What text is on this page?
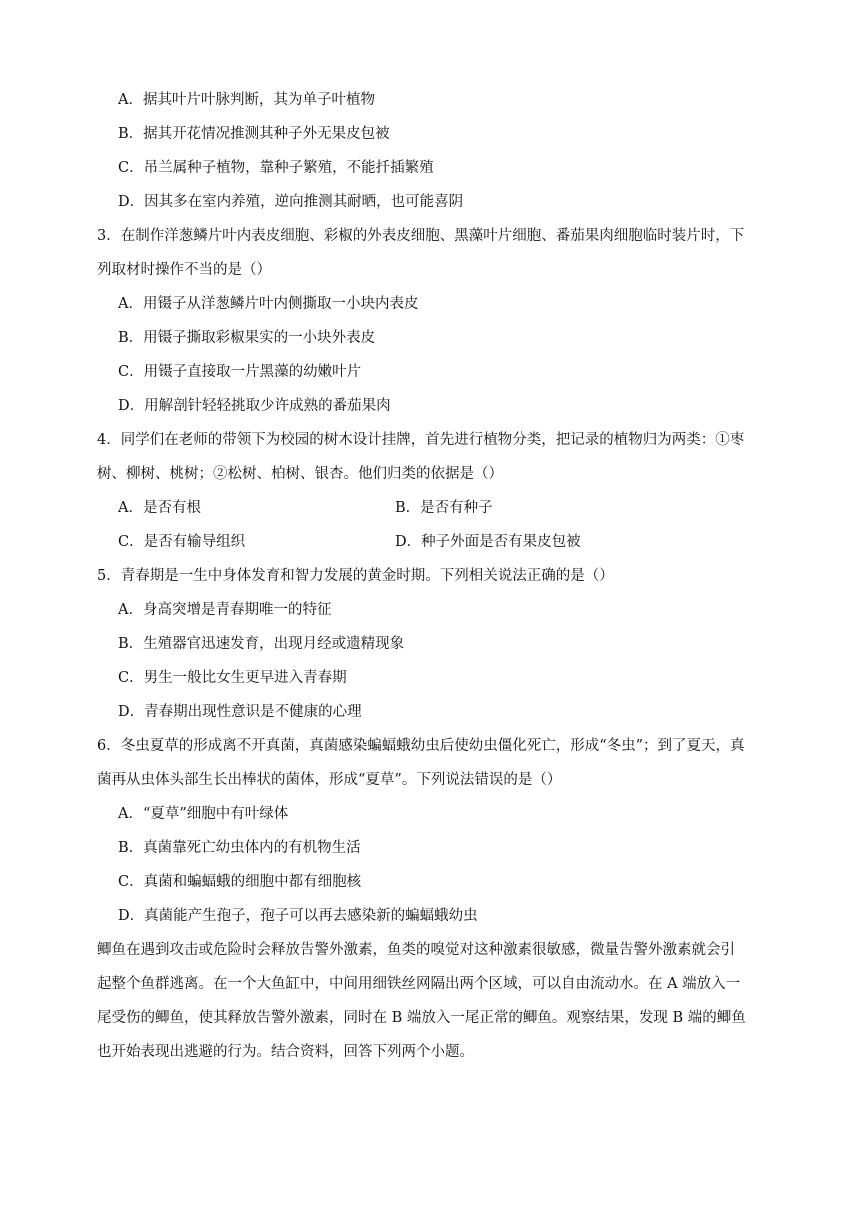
A．据其叶片叶脉判断，其为单子叶植物
B．据其开花情况推测其种子外无果皮包被
C．吊兰属种子植物，靠种子繁殖，不能扦插繁殖
D．因其多在室内养殖，逆向推测其耐晒，也可能喜阴
3．在制作洋葱鳞片叶内表皮细胞、彩椒的外表皮细胞、黑藻叶片细胞、番茄果肉细胞临时装片时，下
列取材时操作不当的是（）
A．用镊子从洋葱鳞片叶内侧撕取一小块内表皮
B．用镊子撕取彩椒果实的一小块外表皮
C．用镊子直接取一片黑藻的幼嫩叶片
D．用解剖针轻轻挑取少许成熟的番茄果肉
4．同学们在老师的带领下为校园的树木设计挂牌，首先进行植物分类，把记录的植物归为两类：①枣
树、柳树、桃树；②松树、柏树、银杏。他们归类的依据是（）
A．是否有根	B．是否有种子
C．是否有输导组织	D．种子外面是否有果皮包被
5．青春期是一生中身体发育和智力发展的黄金时期。下列相关说法正确的是（）
A．身高突增是青春期唯一的特征
B．生殖器官迅速发育，出现月经或遗精现象
C．男生一般比女生更早进入青春期
D．青春期出现性意识是不健康的心理
6．冬虫夏草的形成离不开真菌，真菌感染蝙蝠蛾幼虫后使幼虫僵化死亡，形成“冬虫”；到了夏天，真
菌再从虫体头部生长出棒状的菌体，形成“夏草”。下列说法错误的是（）
A．“夏草”细胞中有叶绿体
B．真菌靠死亡幼虫体内的有机物生活
C．真菌和蝙蝠蛾的细胞中都有细胞核
D．真菌能产生孢子，孢子可以再去感染新的蝙蝠蛾幼虫
鲫鱼在遇到攻击或危险时会释放告警外激素，鱼类的嗅觉对这种激素很敏感，微量告警外激素就会引
起整个鱼群逃离。在一个大鱼缸中，中间用细铁丝网隔出两个区域，可以自由流动水。在 A 端放入一
尾受伤的鲫鱼，使其释放告警外激素，同时在 B 端放入一尾正常的鲫鱼。观察结果，发现 B 端的鲫鱼
也开始表现出逃避的行为。结合资料，回答下列两个小题。
